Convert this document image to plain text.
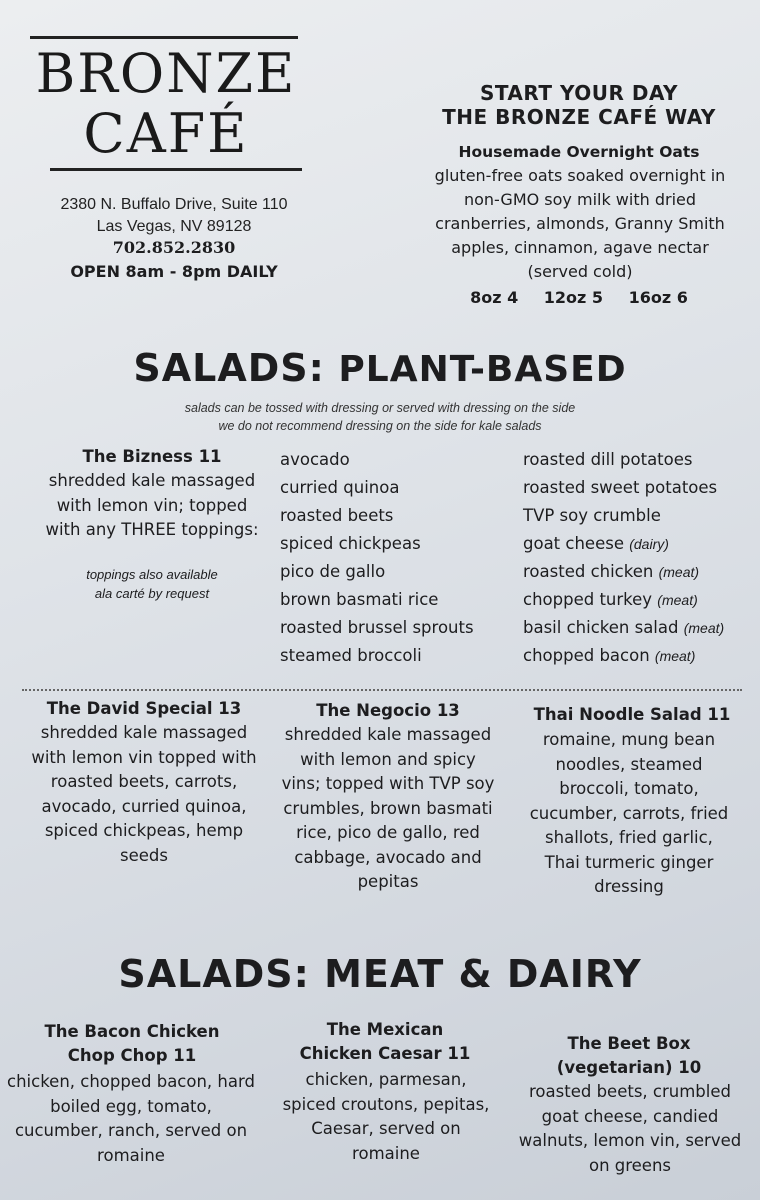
BRONZE
CAFÉ
2380 N. Buffalo Drive, Suite 110
Las Vegas, NV 89128
702.852.2830
OPEN 8am - 8pm DAILY
START YOUR DAY
THE BRONZE CAFÉ WAY
Housemade Overnight Oats
gluten-free oats soaked overnight in non-GMO soy milk with dried cranberries, almonds, Granny Smith apples, cinnamon, agave nectar (served cold)
8oz 4 12oz 5 16oz 6
SALADS: PLANT-BASED
salads can be tossed with dressing or served with dressing on the side
we do not recommend dressing on the side for kale salads
The Bizness 11
shredded kale massaged with lemon vin; topped with any THREE toppings:
toppings also available
ala carté by request
avocado
curried quinoa
roasted beets
spiced chickpeas
pico de gallo
brown basmati rice
roasted brussel sprouts
steamed broccoli
roasted dill potatoes
roasted sweet potatoes
TVP soy crumble
goat cheese (dairy)
roasted chicken (meat)
chopped turkey (meat)
basil chicken salad (meat)
chopped bacon (meat)
The David Special 13
shredded kale massaged with lemon vin topped with roasted beets, carrots, avocado, curried quinoa, spiced chickpeas, hemp seeds
The Negocio 13
shredded kale massaged with lemon and spicy vins; topped with TVP soy crumbles, brown basmati rice, pico de gallo, red cabbage, avocado and pepitas
Thai Noodle Salad 11
romaine, mung bean noodles, steamed broccoli, tomato, cucumber, carrots, fried shallots, fried garlic, Thai turmeric ginger dressing
SALADS: MEAT & DAIRY
The Bacon Chicken
Chop Chop 11
chicken, chopped bacon, hard boiled egg, tomato, cucumber, ranch, served on romaine
The Mexican
Chicken Caesar 11
chicken, parmesan, spiced croutons, pepitas, Caesar, served on romaine
The Beet Box
(vegetarian) 10
roasted beets, crumbled goat cheese, candied walnuts, lemon vin, served on greens
